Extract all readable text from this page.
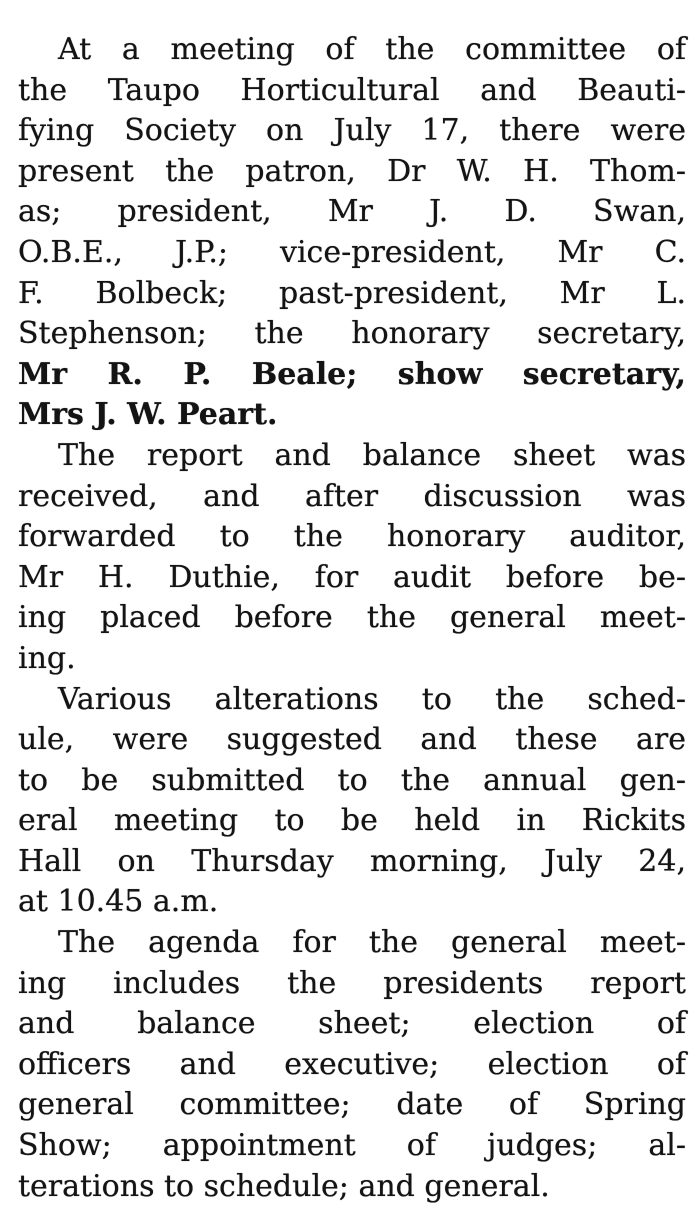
At a meeting of the committee of
the Taupo Horticultural and Beauti-
fying Society on July 17, there were
present the patron, Dr W. H. Thom-
as; president, Mr J. D. Swan,
O.B.E., J.P.; vice-president, Mr C.
F. Bolbeck; past-president, Mr L.
Stephenson; the honorary secretary,
Mr R. P. Beale; show secretary,
Mrs J. W. Peart.
The report and balance sheet was
received, and after discussion was
forwarded to the honorary auditor,
Mr H. Duthie, for audit before be-
ing placed before the general meet-
ing.
Various alterations to the sched-
ule, were suggested and these are
to be submitted to the annual gen-
eral meeting to be held in Rickits
Hall on Thursday morning, July 24,
at 10.45 a.m.
The agenda for the general meet-
ing includes the presidents report
and balance sheet; election of
officers and executive; election of
general committee; date of Spring
Show; appointment of judges; al-
terations to schedule; and general.
